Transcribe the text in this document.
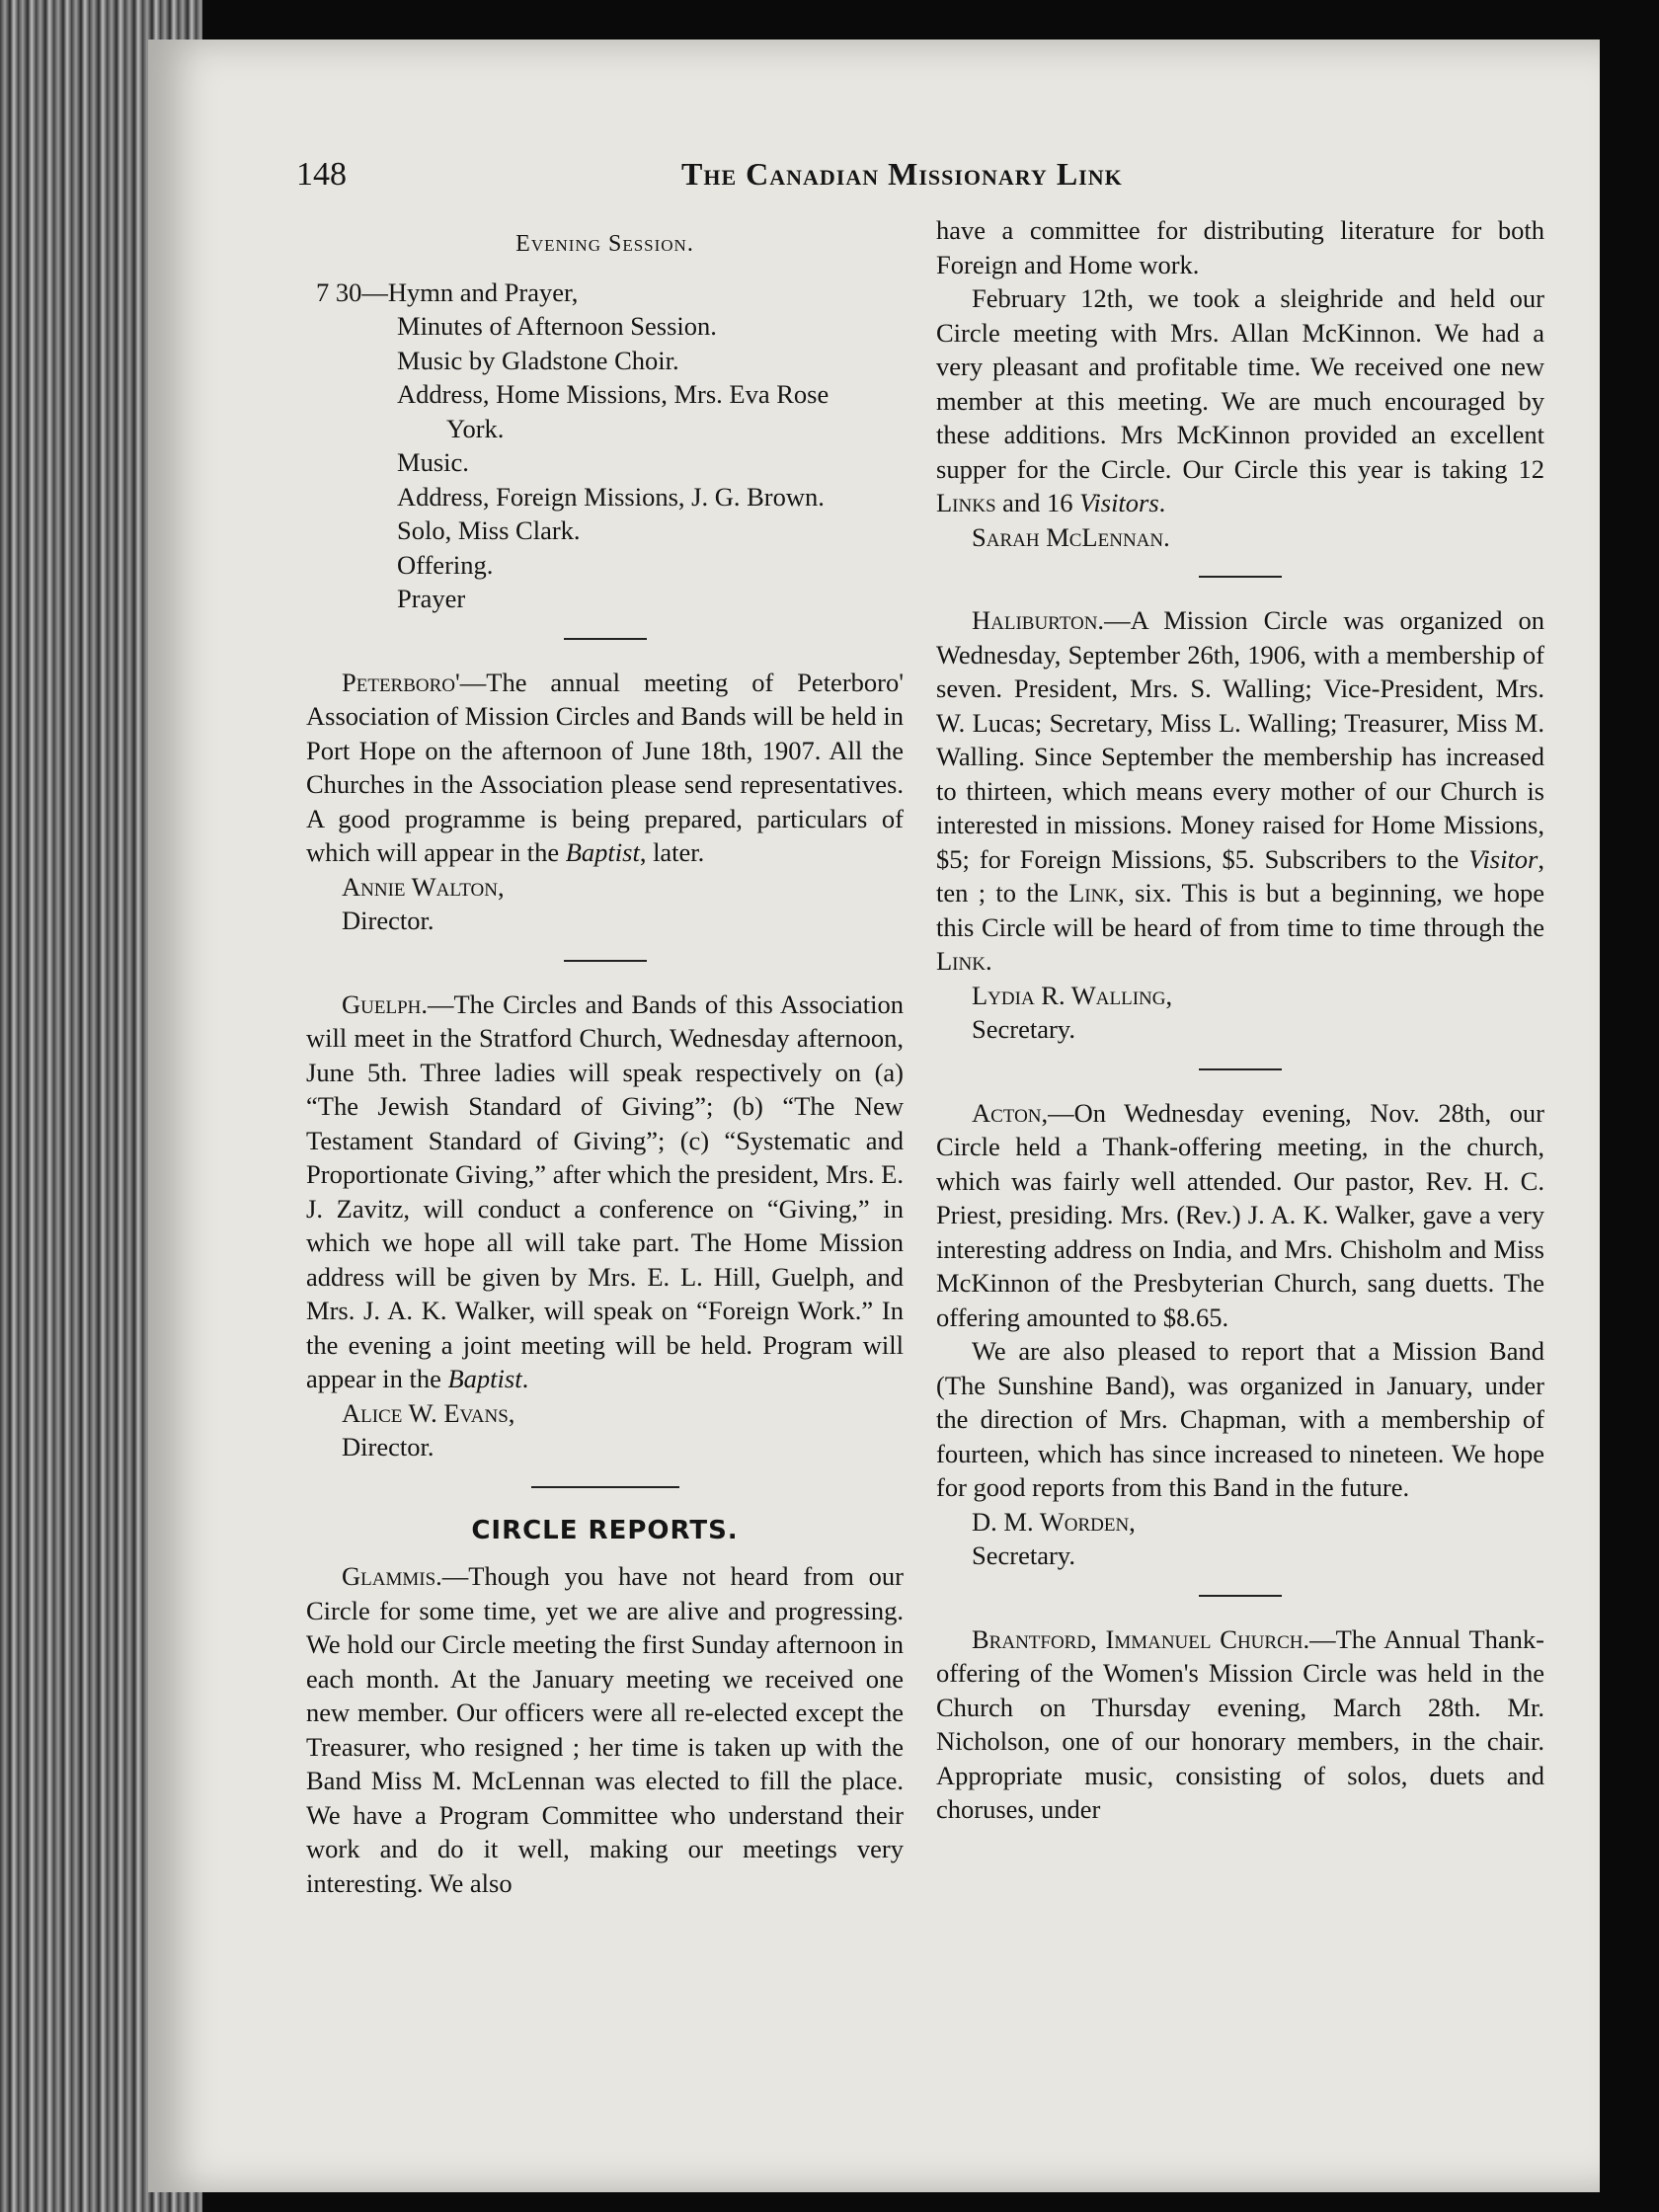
148	The Canadian Missionary Link
Evening Session.
7 30—Hymn and Prayer,
Minutes of Afternoon Session.
Music by Gladstone Choir.
Address, Home Missions, Mrs. Eva Rose
York.
Music.
Address, Foreign Missions, J. G. Brown.
Solo, Miss Clark.
Offering.
Prayer

Peterboro'—The annual meeting of Peterboro' Association of Mission Circles and Bands will be held in Port Hope on the afternoon of June 18th, 1907. All the Churches in the Association please send representatives. A good programme is being prepared, particulars of which will appear in the Baptist, later.

Annie Walton,

Director.

Guelph.—The Circles and Bands of this Association will meet in the Stratford Church, Wednesday afternoon, June 5th. Three ladies will speak respectively on (a) “The Jewish Standard of Giving”; (b) “The New Testament Standard of Giving”; (c) “Systematic and Proportionate Giving,” after which the president, Mrs. E. J. Zavitz, will conduct a conference on “Giving,” in which we hope all will take part. The Home Mission address will be given by Mrs. E. L. Hill, Guelph, and Mrs. J. A. K. Walker, will speak on “Foreign Work.” In the evening a joint meeting will be held. Program will appear in the Baptist.

Alice W. Evans,

Director.

CIRCLE REPORTS.

Glammis.—Though you have not heard from our Circle for some time, yet we are alive and progressing. We hold our Circle meeting the first Sunday afternoon in each month. At the January meeting we received one new member. Our officers were all re-elected except the Treasurer, who resigned ; her time is taken up with the Band Miss M. McLennan was elected to fill the place. We have a Program Committee who understand their work and do it well, making our meetings very interesting. We also

have a committee for distributing literature for both Foreign and Home work.

February 12th, we took a sleighride and held our Circle meeting with Mrs. Allan McKinnon. We had a very pleasant and profitable time. We received one new member at this meeting. We are much encouraged by these additions. Mrs McKinnon provided an excellent supper for the Circle. Our Circle this year is taking 12 Links and 16 Visitors.

Sarah McLennan.

Haliburton.—A Mission Circle was organized on Wednesday, September 26th, 1906, with a membership of seven. President, Mrs. S. Walling; Vice-President, Mrs. W. Lucas; Secretary, Miss L. Walling; Treasurer, Miss M. Walling. Since September the membership has increased to thirteen, which means every mother of our Church is interested in missions. Money raised for Home Missions, $5; for Foreign Missions, $5. Subscribers to the Visitor, ten ; to the Link, six. This is but a beginning, we hope this Circle will be heard of from time to time through the Link.

Lydia R. Walling,

Secretary.

Acton,—On Wednesday evening, Nov. 28th, our Circle held a Thank-offering meeting, in the church, which was fairly well attended. Our pastor, Rev. H. C. Priest, presiding. Mrs. (Rev.) J. A. K. Walker, gave a very interesting address on India, and Mrs. Chisholm and Miss McKinnon of the Presbyterian Church, sang duetts. The offering amounted to $8.65.

We are also pleased to report that a Mission Band (The Sunshine Band), was organized in January, under the direction of Mrs. Chapman, with a membership of fourteen, which has since increased to nineteen. We hope for good reports from this Band in the future.

D. M. Worden,

Secretary.

Brantford, Immanuel Church.—The Annual Thank-offering of the Women's Mission Circle was held in the Church on Thursday evening, March 28th. Mr. Nicholson, one of our honorary members, in the chair. Appropriate music, consisting of solos, duets and choruses, under
